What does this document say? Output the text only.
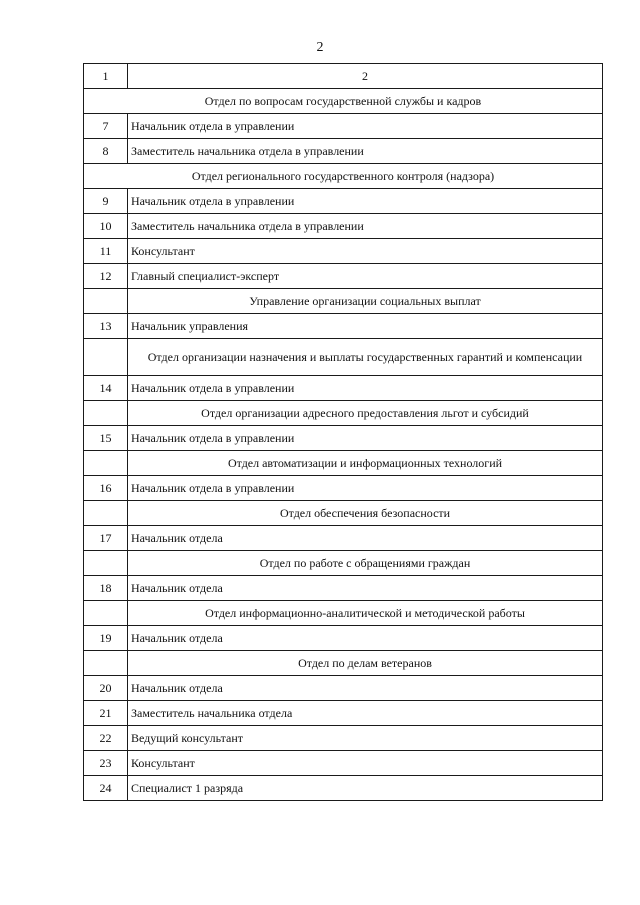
2
1	2
Отдел по вопросам государственной службы и кадров	
7	Начальник отдела в управлении
8	Заместитель начальника отдела в управлении
Отдел регионального государственного контроля (надзора)	
9	Начальник отдела в управлении
10	Заместитель начальника отдела в управлении
11	Консультант
12	Главный специалист-эксперт
	Управление организации социальных выплат
13	Начальник управления
	Отдел организации назначения и выплаты государственных гарантий и компенсации
14	Начальник отдела в управлении
	Отдел организации адресного предоставления льгот и субсидий
15	Начальник отдела в управлении
	Отдел автоматизации и информационных технологий
16	Начальник отдела в управлении
	Отдел обеспечения безопасности
17	Начальник отдела
	Отдел по работе с обращениями граждан
18	Начальник отдела
	Отдел информационно-аналитической и методической работы
19	Начальник отдела
	Отдел по делам ветеранов
20	Начальник отдела
21	Заместитель начальника отдела
22	Ведущий консультант
23	Консультант
24	Специалист 1 разряда
